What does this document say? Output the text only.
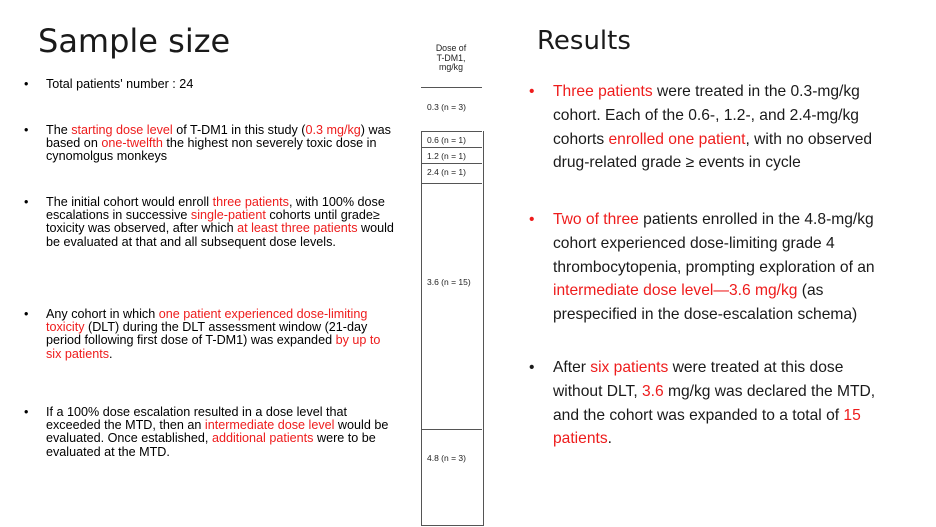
Sample size	Results
• Total patients' number : 24
• The starting dose level of T-DM1 in this study (0.3 mg/kg) was based on one-twelfth the highest non severely toxic dose in cynomolgus monkeys
• The initial cohort would enroll three patients, with 100% dose escalations in successive single-patient cohorts until grade≥ toxicity was observed, after which at least three patients would be evaluated at that and all subsequent dose levels.
• Any cohort in which one patient experienced dose-limiting toxicity (DLT) during the DLT assessment window (21-day period following first dose of T-DM1) was expanded by up to six patients.
• If a 100% dose escalation resulted in a dose level that exceeded the MTD, then an intermediate dose level would be evaluated. Once established, additional patients were to be evaluated at the MTD.
Dose of
T-DM1,
mg/kg
0.3 (n = 3)
0.6 (n = 1)
1.2 (n = 1)
2.4 (n = 1)
3.6 (n = 15)
4.8 (n = 3)
• Three patients were treated in the 0.3-mg/kg cohort. Each of the 0.6-, 1.2-, and 2.4-mg/kg cohorts enrolled one patient, with no observed drug-related grade ≥ events in cycle
• Two of three patients enrolled in the 4.8-mg/kg cohort experienced dose-limiting grade 4 thrombocytopenia, prompting exploration of an intermediate dose level—3.6 mg/kg (as prespecified in the dose-escalation schema)
• After six patients were treated at this dose without DLT, 3.6 mg/kg was declared the MTD, and the cohort was expanded to a total of 15 patients.
